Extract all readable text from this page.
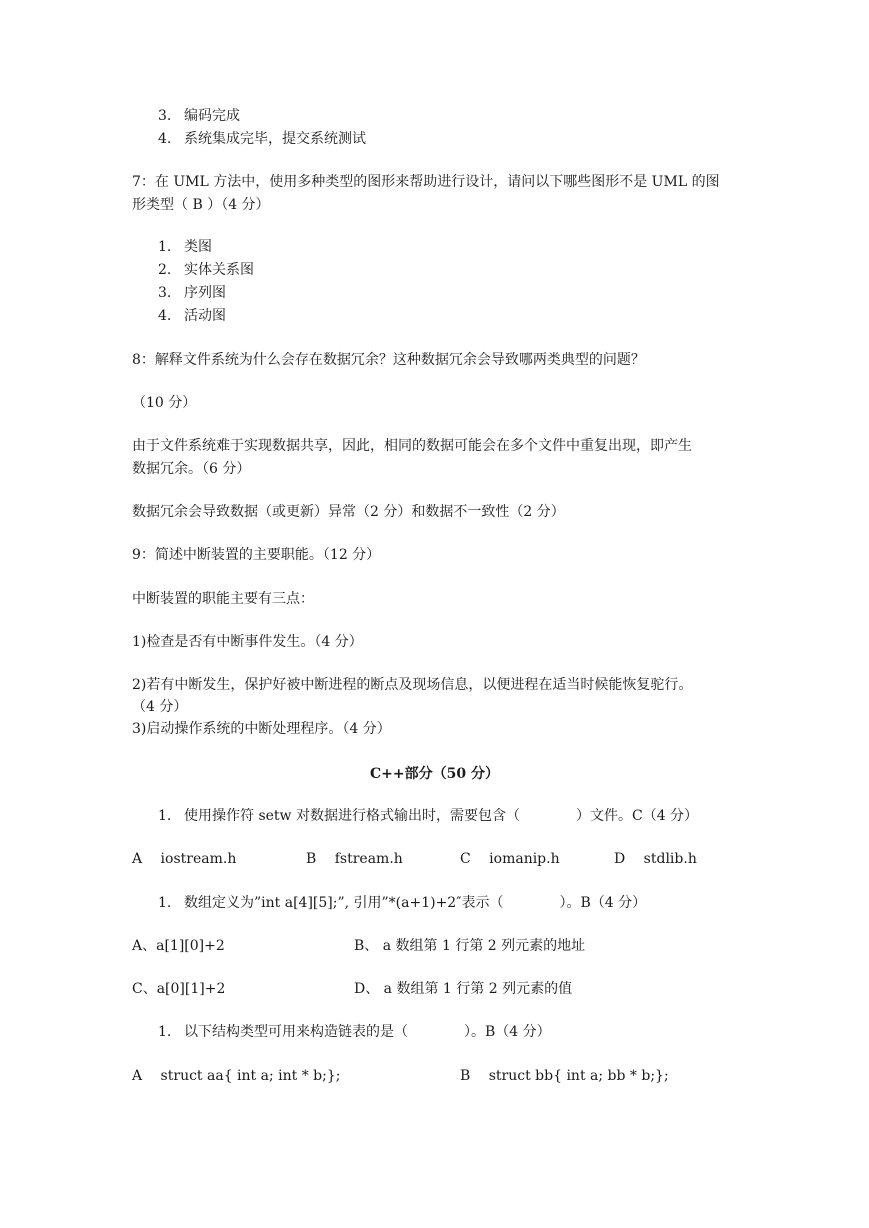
3. 编码完成
4. 系统集成完毕，提交系统测试
7：在 UML 方法中，使用多种类型的图形来帮助进行设计，请问以下哪些图形不是 UML 的图
形类型（ B ）（4 分）
1. 类图
2. 实体关系图
3. 序列图
4. 活动图
8：解释文件系统为什么会存在数据冗余？这种数据冗余会导致哪两类典型的问题？
（10 分）
由于文件系统难于实现数据共享，因此，相同的数据可能会在多个文件中重复出现，即产生
数据冗余。（6 分）
数据冗余会导致数据（或更新）异常（2 分）和数据不一致性（2 分）
9：简述中断装置的主要职能。（12 分）
中断装置的职能主要有三点：
1)检查是否有中断事件发生。（4 分）
2)若有中断发生，保护好被中断进程的断点及现场信息，以便进程在适当时候能恢复驼行。
（4 分）
3)启动操作系统的中断处理程序。（4 分）
C++部分（50 分）
1. 使用操作符 setw 对数据进行格式输出时，需要包含（　　　　）文件。C（4 分）
A　 iostream.h	B　 fstream.h	C　 iomanip.h	D　 stdlib.h
1. 数组定义为”int a[4][5];”, 引用”*(a+1)+2″表示（　　　　）。B（4 分）
A、a[1][0]+2	B、 a 数组第 1 行第 2 列元素的地址
C、a[0][1]+2	D、 a 数组第 1 行第 2 列元素的值
1. 以下结构类型可用来构造链表的是（　　　　）。B（4 分）
A　 struct aa{ int a; int * b;};	B　 struct bb{ int a; bb * b;};
